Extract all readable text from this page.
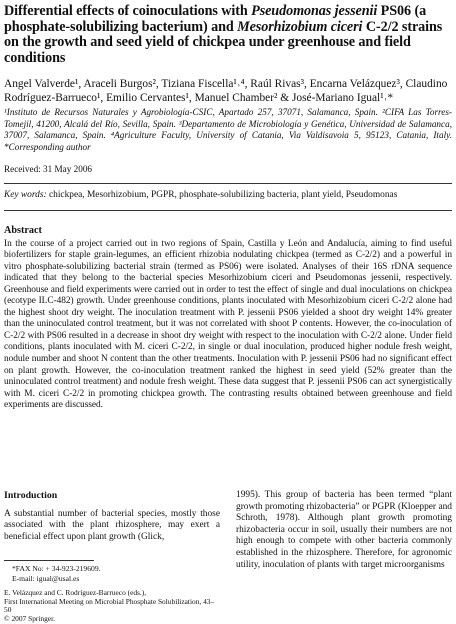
Differential effects of coinoculations with Pseudomonas jessenii PS06 (a phosphate-solubilizing bacterium) and Mesorhizobium ciceri C-2/2 strains on the growth and seed yield of chickpea under greenhouse and field conditions

Angel Valverde¹, Araceli Burgos², Tiziana Fiscella¹˒⁴, Raúl Rivas³, Encarna Velázquez³, Claudino Rodríguez-Barrueco¹, Emilio Cervantes¹, Manuel Chamber² & José-Mariano Igual¹˒*

¹Instituto de Recursos Naturales y Agrobiología-CSIC, Apartado 257, 37071, Salamanca, Spain. ²CIFA Las Torres-Tomejil, 41200, Alcalá del Río, Sevilla, Spain. ³Departamento de Microbiología y Genética, Universidad de Salamanca, 37007, Salamanca, Spain. ⁴Agriculture Faculty, University of Catania, Via Valdisavoia 5, 95123, Catania, Italy. *Corresponding author

Received: 31 May 2006

Key words: chickpea, Mesorhizobium, PGPR, phosphate-solubilizing bacteria, plant yield, Pseudomonas

Abstract

In the course of a project carried out in two regions of Spain, Castilla y León and Andalucía, aiming to find useful biofertilizers for staple grain-legumes, an efficient rhizobia nodulating chickpea (termed as C-2/2) and a powerful in vitro phosphate-solubilizing bacterial strain (termed as PS06) were isolated. Analyses of their 16S rDNA sequence indicated that they belong to the bacterial species Mesorhizobium ciceri and Pseudomonas jessenii, respectively. Greenhouse and field experiments were carried out in order to test the effect of single and dual inoculations on chickpea (ecotype ILC-482) growth. Under greenhouse conditions, plants inoculated with Mesorhizobium ciceri C-2/2 alone had the highest shoot dry weight. The inoculation treatment with P. jessenii PS06 yielded a shoot dry weight 14% greater than the uninoculated control treatment, but it was not correlated with shoot P contents. However, the co-inoculation of C-2/2 with PS06 resulted in a decrease in shoot dry weight with respect to the inoculation with C-2/2 alone. Under field conditions, plants inoculated with M. ciceri C-2/2, in single or dual inoculation, produced higher nodule fresh weight, nodule number and shoot N content than the other treatments. Inoculation with P. jessenii PS06 had no significant effect on plant growth. However, the co-inoculation treatment ranked the highest in seed yield (52% greater than the uninoculated control treatment) and nodule fresh weight. These data suggest that P. jessenii PS06 can act synergistically with M. ciceri C-2/2 in promoting chickpea growth. The contrasting results obtained between greenhouse and field experiments are discussed.

Introduction

A substantial number of bacterial species, mostly those associated with the plant rhizosphere, may exert a beneficial effect upon plant growth (Glick,

1995). This group of bacteria has been termed “plant growth promoting rhizobacteria” or PGPR (Kloepper and Schroth, 1978). Although plant growth promoting rhizobacteria occur in soil, usually their numbers are not high enough to compete with other bacteria commonly established in the rhizosphere. Therefore, for agronomic utility, inoculation of plants with target microorganisms

*FAX No: + 34-923-219609.
E-mail: igual@usal.es
E. Velázquez and C. Rodríguez-Barrueco (eds.),
First International Meeting on Microbial Phosphate Solubilization, 43–50
© 2007 Springer.
